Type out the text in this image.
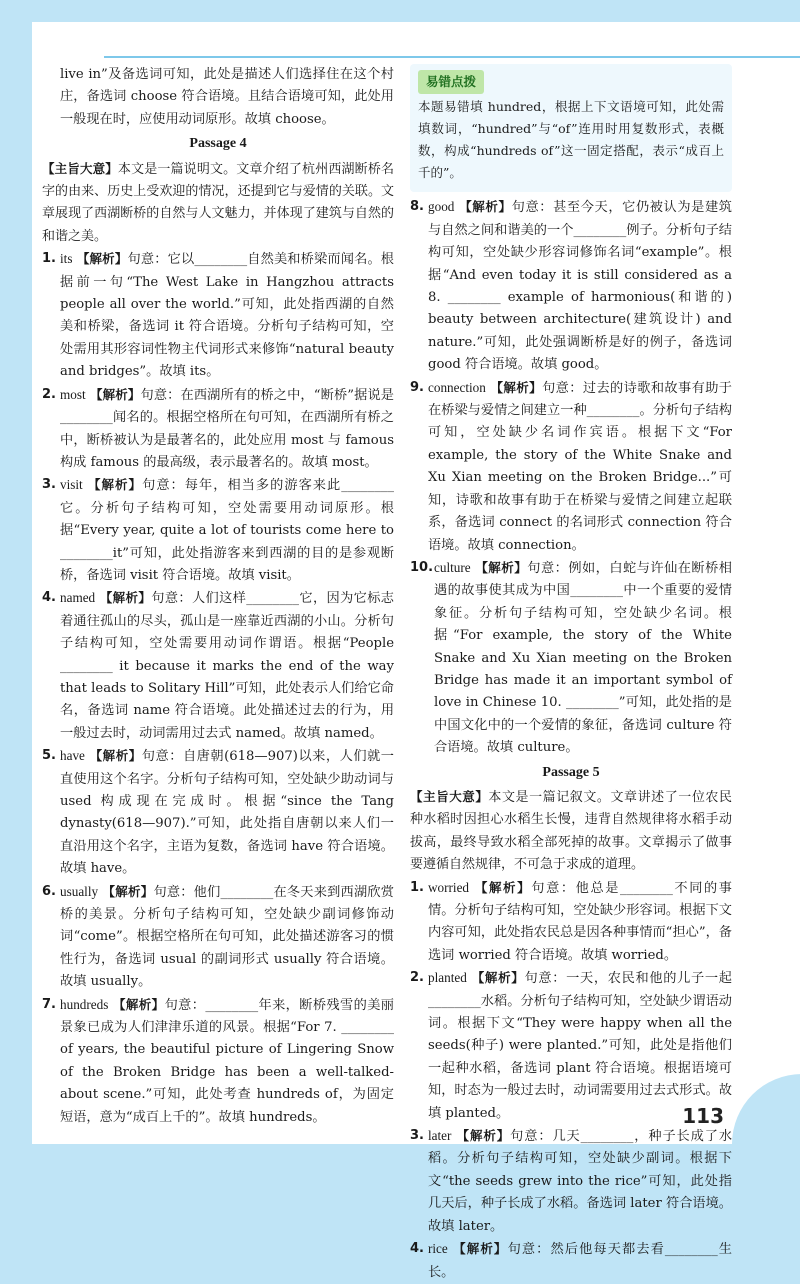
live in”及备选词可知，此处是描述人们选择住在这个村庄，备选词 choose 符合语境。且结合语境可知，此处用一般现在时，应使用动词原形。故填 choose。

Passage 4

【主旨大意】本文是一篇说明文。文章介绍了杭州西湖断桥名字的由来、历史上受欢迎的情况，还提到它与爱情的关联。文章展现了西湖断桥的自然与人文魅力，并体现了建筑与自然的和谐之美。

1. its 【解析】句意：它以________自然美和桥梁而闻名。根据前一句“The West Lake in Hangzhou attracts people all over the world.”可知，此处指西湖的自然美和桥梁，备选词 it 符合语境。分析句子结构可知，空处需用其形容词性物主代词形式来修饰“natural beauty and bridges”。故填 its。

2. most 【解析】句意：在西湖所有的桥之中，“断桥”据说是________闻名的。根据空格所在句可知，在西湖所有桥之中，断桥被认为是最著名的，此处应用 most 与 famous 构成 famous 的最高级，表示最著名的。故填 most。

3. visit 【解析】句意：每年，相当多的游客来此________它。分析句子结构可知，空处需要用动词原形。根据“Every year, quite a lot of tourists come here to ________it”可知，此处指游客来到西湖的目的是参观断桥，备选词 visit 符合语境。故填 visit。

4. named 【解析】句意：人们这样________它，因为它标志着通往孤山的尽头，孤山是一座靠近西湖的小山。分析句子结构可知，空处需要用动词作谓语。根据“People ________ it because it marks the end of the way that leads to Solitary Hill”可知，此处表示人们给它命名，备选词 name 符合语境。此处描述过去的行为，用一般过去时，动词需用过去式 named。故填 named。

5. have 【解析】句意：自唐朝(618—907)以来，人们就一直使用这个名字。分析句子结构可知，空处缺少助动词与 used 构成现在完成时。根据“since the Tang dynasty(618—907).”可知，此处指自唐朝以来人们一直沿用这个名字，主语为复数，备选词 have 符合语境。故填 have。

6. usually 【解析】句意：他们________在冬天来到西湖欣赏桥的美景。分析句子结构可知，空处缺少副词修饰动词“come”。根据空格所在句可知，此处描述游客习的惯性行为，备选词 usual 的副词形式 usually 符合语境。故填 usually。

7. hundreds 【解析】句意：________年来，断桥残雪的美丽景象已成为人们津津乐道的风景。根据“For 7. ________ of years, the beautiful picture of Lingering Snow of the Broken Bridge has been a well-talked-about scene.”可知，此处考查 hundreds of，为固定短语，意为“成百上千的”。故填 hundreds。

易错点拨

本题易错填 hundred，根据上下文语境可知，此处需填数词，“hundred”与“of”连用时用复数形式，表概数，构成“hundreds of”这一固定搭配，表示“成百上千的”。

8. good 【解析】句意：甚至今天，它仍被认为是建筑与自然之间和谐美的一个________例子。分析句子结构可知，空处缺少形容词修饰名词“example”。根据“And even today it is still considered as a 8. ________ example of harmonious(和谐的) beauty between architecture(建筑设计) and nature.”可知，此处强调断桥是好的例子，备选词 good 符合语境。故填 good。

9. connection 【解析】句意：过去的诗歌和故事有助于在桥梁与爱情之间建立一种________。分析句子结构可知，空处缺少名词作宾语。根据下文“For example, the story of the White Snake and Xu Xian meeting on the Broken Bridge...”可知，诗歌和故事有助于在桥梁与爱情之间建立起联系，备选词 connect 的名词形式 connection 符合语境。故填 connection。

10. culture 【解析】句意：例如，白蛇与许仙在断桥相遇的故事使其成为中国________中一个重要的爱情象征。分析句子结构可知，空处缺少名词。根据“For example, the story of the White Snake and Xu Xian meeting on the Broken Bridge has made it an important symbol of love in Chinese 10. ________”可知，此处指的是中国文化中的一个爱情的象征，备选词 culture 符合语境。故填 culture。

Passage 5

【主旨大意】本文是一篇记叙文。文章讲述了一位农民种水稻时因担心水稻生长慢，违背自然规律将水稻手动拔高，最终导致水稻全部死掉的故事。文章揭示了做事要遵循自然规律，不可急于求成的道理。

1. worried 【解析】句意：他总是________不同的事情。分析句子结构可知，空处缺少形容词。根据下文内容可知，此处指农民总是因各种事情而“担心”，备选词 worried 符合语境。故填 worried。

2. planted 【解析】句意：一天，农民和他的儿子一起________水稻。分析句子结构可知，空处缺少谓语动词。根据下文“They were happy when all the seeds(种子) were planted.”可知，此处是指他们一起种水稻，备选词 plant 符合语境。根据语境可知，时态为一般过去时，动词需要用过去式形式。故填 planted。

3. later 【解析】句意：几天________，种子长成了水稻。分析句子结构可知，空处缺少副词。根据下文“the seeds grew into the rice”可知，此处指几天后，种子长成了水稻。备选词 later 符合语境。故填 later。

4. rice 【解析】句意：然后他每天都去看________生长。

113
